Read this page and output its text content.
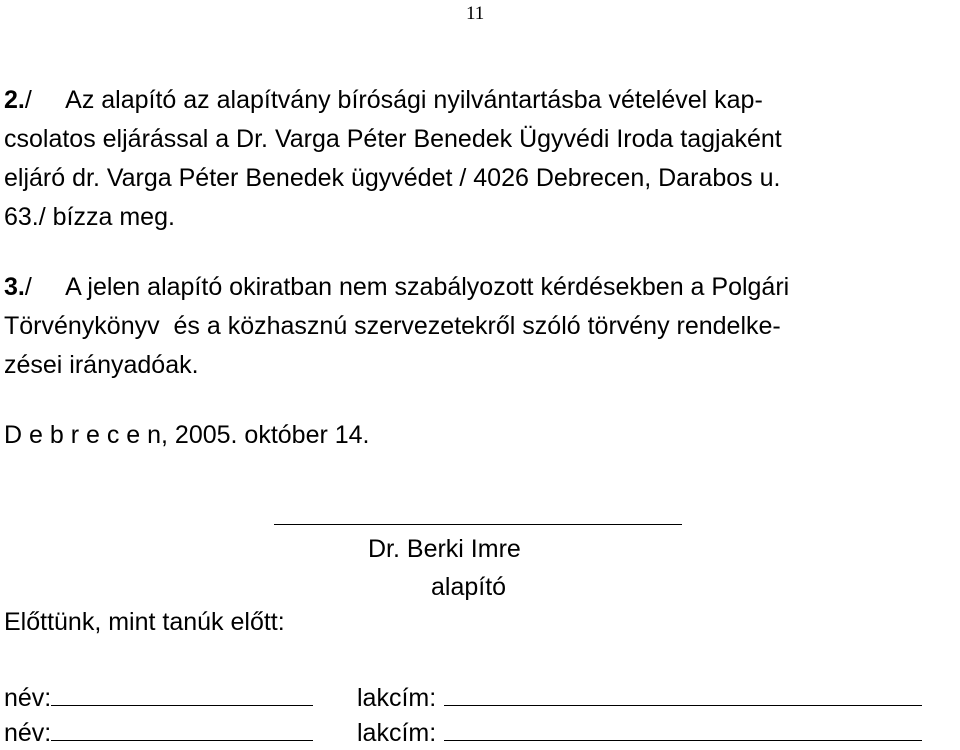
11
2./     Az alapító az alapítvány bírósági nyilvántartásba vételével kap-
csolatos eljárással a Dr. Varga Péter Benedek Ügyvédi Iroda tagjaként
eljáró dr. Varga Péter Benedek ügyvédet / 4026 Debrecen, Darabos u.
63./ bízza meg.
3./     A jelen alapító okiratban nem szabályozott kérdésekben a Polgári
Törvénykönyv  és a közhasznú szervezetekről szóló törvény rendelke-
zései irányadóak.
D e b r e c e n, 2005. október 14.
Dr. Berki Imre
alapító
Előttünk, mint tanúk előtt:
név:	lakcím:
név:	lakcím:
